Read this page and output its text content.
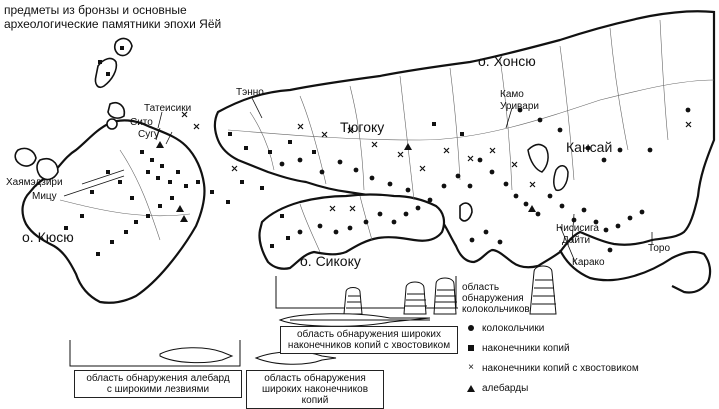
предметы из бронзы и основные
археологические памятники эпохи Яёй
о. Хонсю
о. Кюсю
о. Сикоку
Тюгоку
Кансай
Тэнно
Татеисики
Сито
Сугу
Хаямэдзири
Мицу
Камо
Уривари
Нисисига
Дайти
Карако
Торо
область
обнаружения
колокольчиков
область обнаружения широких
наконечников копий с хвостовиком
область обнаружения алебард
с широкими лезвиями
область обнаружения
широких наконечников копий
колокольчики
наконечники копий
× наконечники копий с хвостовиком
алебарды
